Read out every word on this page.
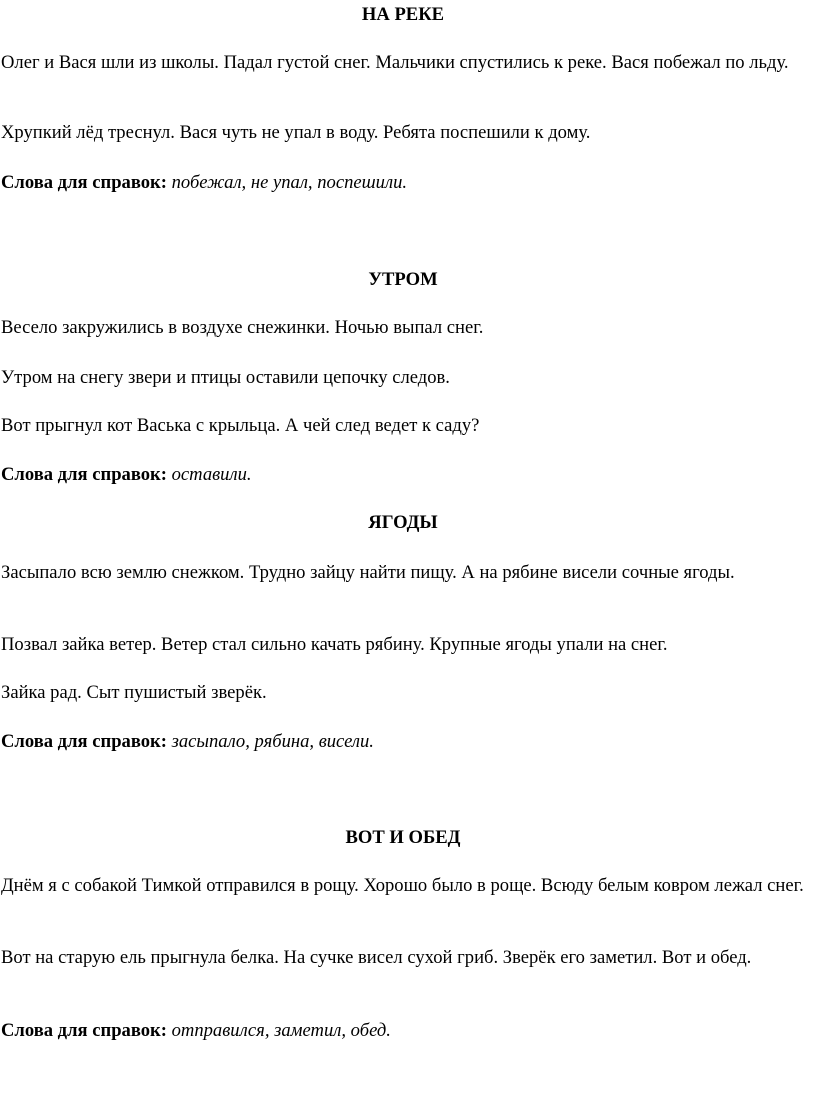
НА РЕКЕ

Олег и Вася шли из школы. Падал густой снег. Мальчики спустились к реке. Вася побежал по льду.

Хрупкий лёд треснул. Вася чуть не упал в воду. Ребята поспешили к дому.

Слова для справок: побежал, не упал, поспешили.

УТРОМ

Весело закружились в воздухе снежинки. Ночью выпал снег.

Утром на снегу звери и птицы оставили цепочку следов.

Вот прыгнул кот Васька с крыльца. А чей след ведет к саду?

Слова для справок: оставили.

ЯГОДЫ

Засыпало всю землю снежком. Трудно зайцу найти пищу. А на рябине висели сочные ягоды.

Позвал зайка ветер. Ветер стал сильно качать рябину. Крупные ягоды упали на снег.

Зайка рад. Сыт пушистый зверёк.

Слова для справок: засыпало, рябина, висели.

ВОТ И ОБЕД

Днём я с собакой Тимкой отправился в рощу. Хорошо было в роще. Всюду белым ковром лежал снег.

Вот на старую ель прыгнула белка. На сучке висел сухой гриб. Зверёк его заметил. Вот и обед.

Слова для справок: отправился, заметил, обед.
